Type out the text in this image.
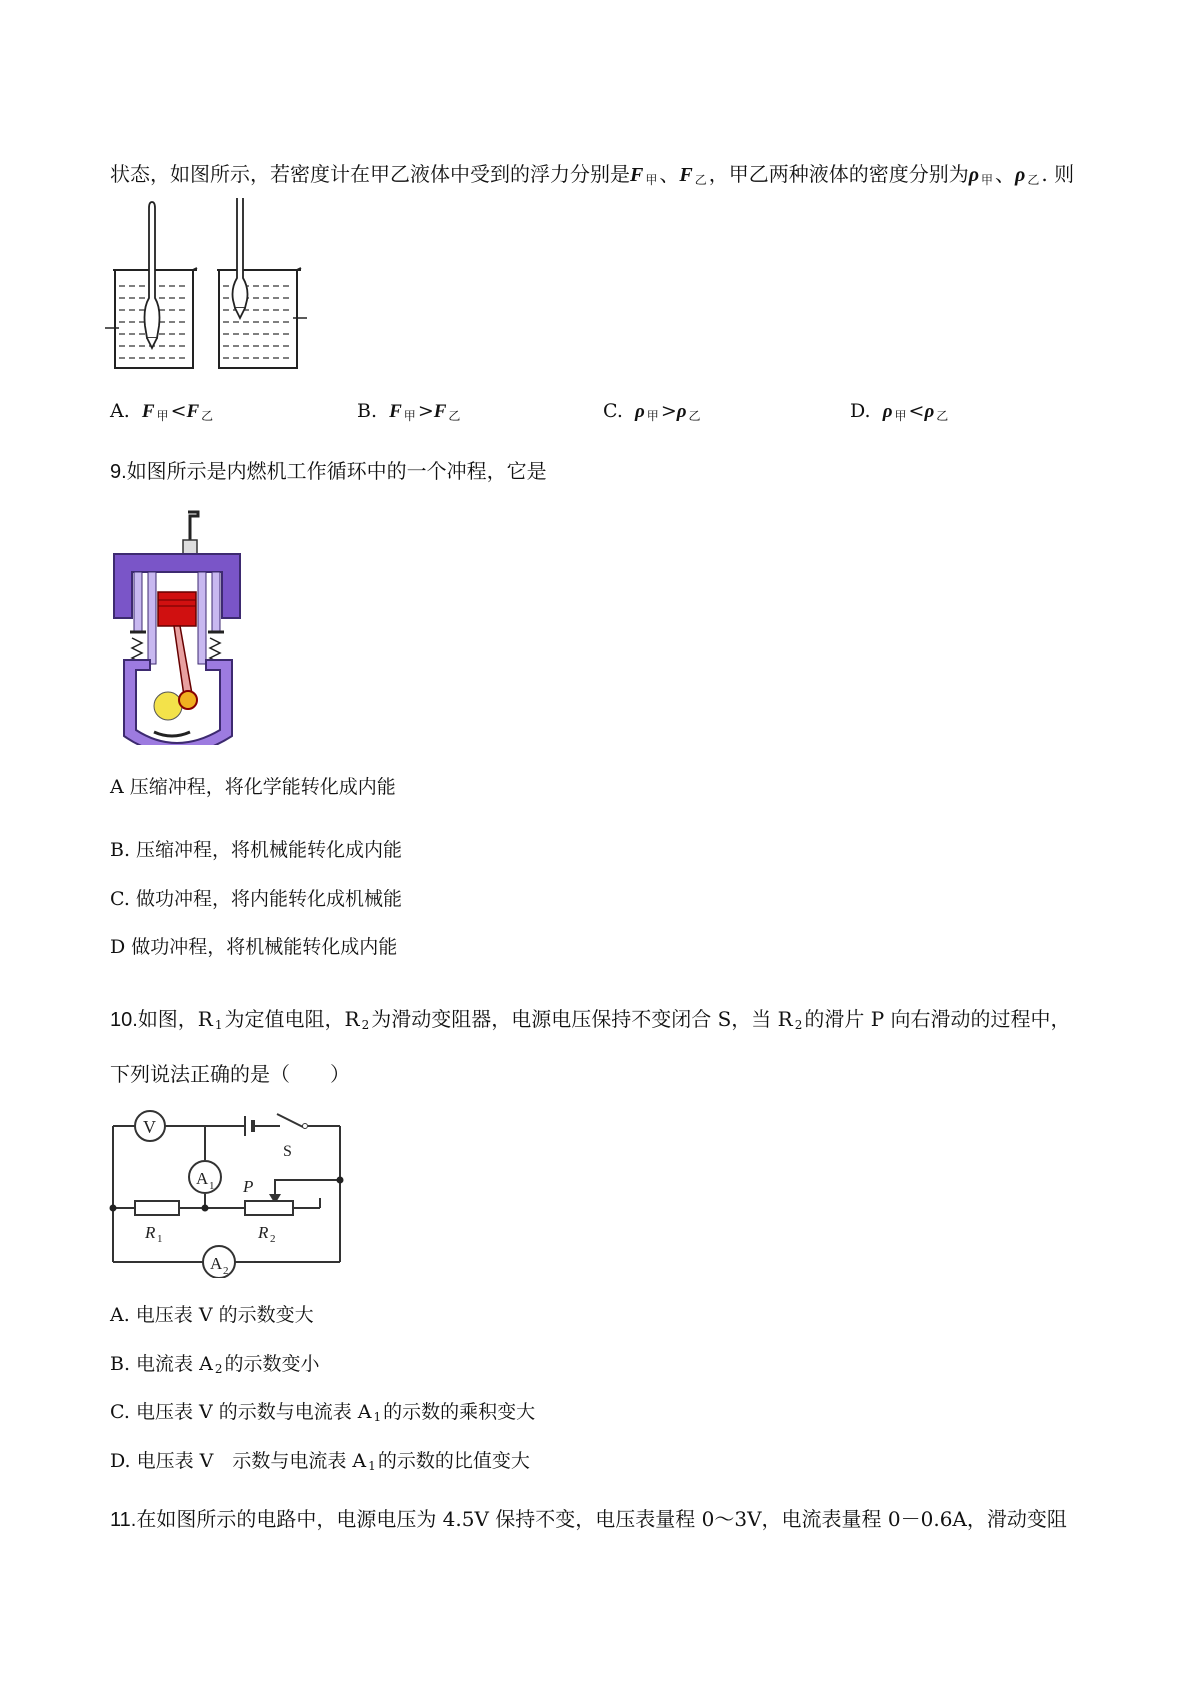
状态，如图所示，若密度计在甲乙液体中受到的浮力分别是F 甲 、F 乙 ，甲乙两种液体的密度分别为ρ 甲 、ρ 乙 . 则
A. F 甲 <F 乙	B. F 甲 >F 乙	C. ρ 甲 >ρ 乙	D. ρ 甲 <ρ 乙
9.如图所示是内燃机工作循环中的一个冲程，它是
A 压缩冲程，将化学能转化成内能
B. 压缩冲程，将机械能转化成内能
C. 做功冲程，将内能转化成机械能
D 做功冲程，将机械能转化成内能
10.如图，R 1 为定值电阻，R 2 为滑动变阻器，电源电压保持不变闭合 S，当 R 2 的滑片 P 向右滑动的过程中，
下列说法正确的是（　　）
V
A 1
A 2
S
P
R 1	R 2
A. 电压表 V 的示数变大
B. 电流表 A 2 的示数变小
C. 电压表 V 的示数与电流表 A 1 的示数的乘积变大
D. 电压表 V　示数与电流表 A 1 的示数的比值变大
11.在如图所示的电路中，电源电压为 4.5V 保持不变，电压表量程 0～3V，电流表量程 0－0.6A，滑动变阻
